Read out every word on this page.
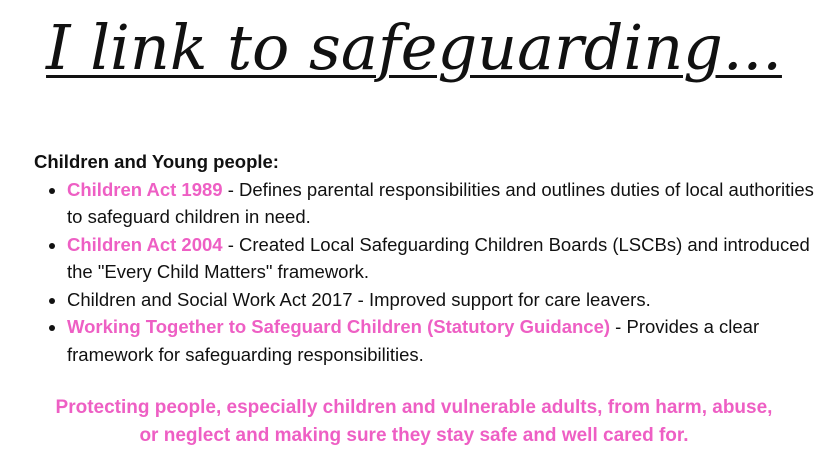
I link to safeguarding...

Children and Young people:

• Children Act 1989 - Defines parental responsibilities and outlines duties of local authorities to safeguard children in need.
• Children Act 2004 - Created Local Safeguarding Children Boards (LSCBs) and introduced the "Every Child Matters" framework.
• Children and Social Work Act 2017 - Improved support for care leavers.
• Working Together to Safeguard Children (Statutory Guidance) - Provides a clear framework for safeguarding responsibilities.
Protecting people, especially children and vulnerable adults, from harm, abuse,
or neglect and making sure they stay safe and well cared for.
